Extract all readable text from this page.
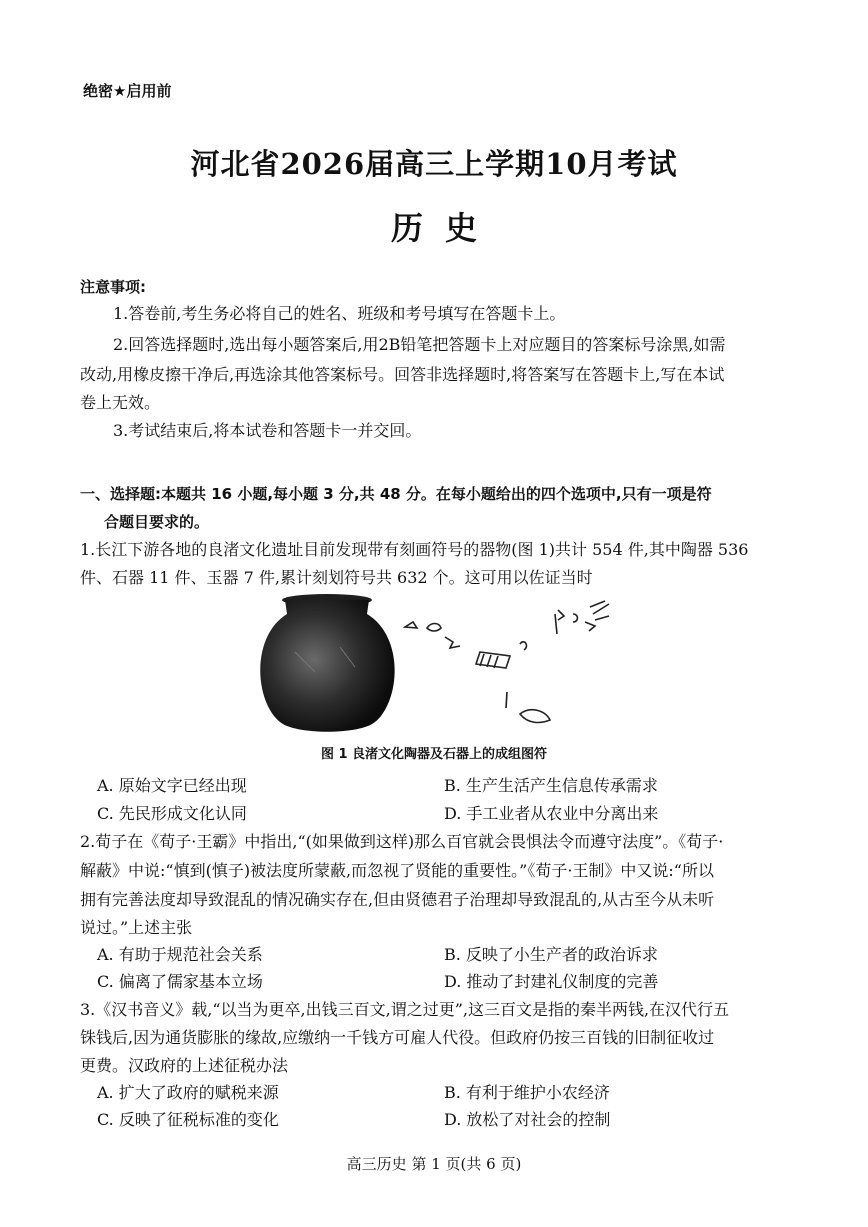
绝密★启用前
河北省2026届高三上学期10月考试
历史
注意事项:
1.答卷前,考生务必将自己的姓名、班级和考号填写在答题卡上。
2.回答选择题时,选出每小题答案后,用2B铅笔把答题卡上对应题目的答案标号涂黑,如需
改动,用橡皮擦干净后,再选涂其他答案标号。回答非选择题时,将答案写在答题卡上,写在本试
卷上无效。
3.考试结束后,将本试卷和答题卡一并交回。
一、选择题:本题共 16 小题,每小题 3 分,共 48 分。在每小题给出的四个选项中,只有一项是符
合题目要求的。
1.长江下游各地的良渚文化遗址目前发现带有刻画符号的器物(图 1)共计 554 件,其中陶器 536
件、石器 11 件、玉器 7 件,累计刻划符号共 632 个。这可用以佐证当时
图 1 良渚文化陶器及石器上的成组图符
A. 原始文字已经出现	B. 生产生活产生信息传承需求
C. 先民形成文化认同	D. 手工业者从农业中分离出来
2.荀子在《荀子·王霸》中指出,“(如果做到这样)那么百官就会畏惧法令而遵守法度”。《荀子·
解蔽》中说:“慎到(慎子)被法度所蒙蔽,而忽视了贤能的重要性。”《荀子·王制》中又说:“所以
拥有完善法度却导致混乱的情况确实存在,但由贤德君子治理却导致混乱的,从古至今从未听
说过。”上述主张
A. 有助于规范社会关系	B. 反映了小生产者的政治诉求
C. 偏离了儒家基本立场	D. 推动了封建礼仪制度的完善
3.《汉书音义》载,“以当为更卒,出钱三百文,谓之过更”,这三百文是指的秦半两钱,在汉代行五
铢钱后,因为通货膨胀的缘故,应缴纳一千钱方可雇人代役。但政府仍按三百钱的旧制征收过
更费。汉政府的上述征税办法
A. 扩大了政府的赋税来源	B. 有利于维护小农经济
C. 反映了征税标准的变化	D. 放松了对社会的控制
高三历史 第 1 页(共 6 页)
